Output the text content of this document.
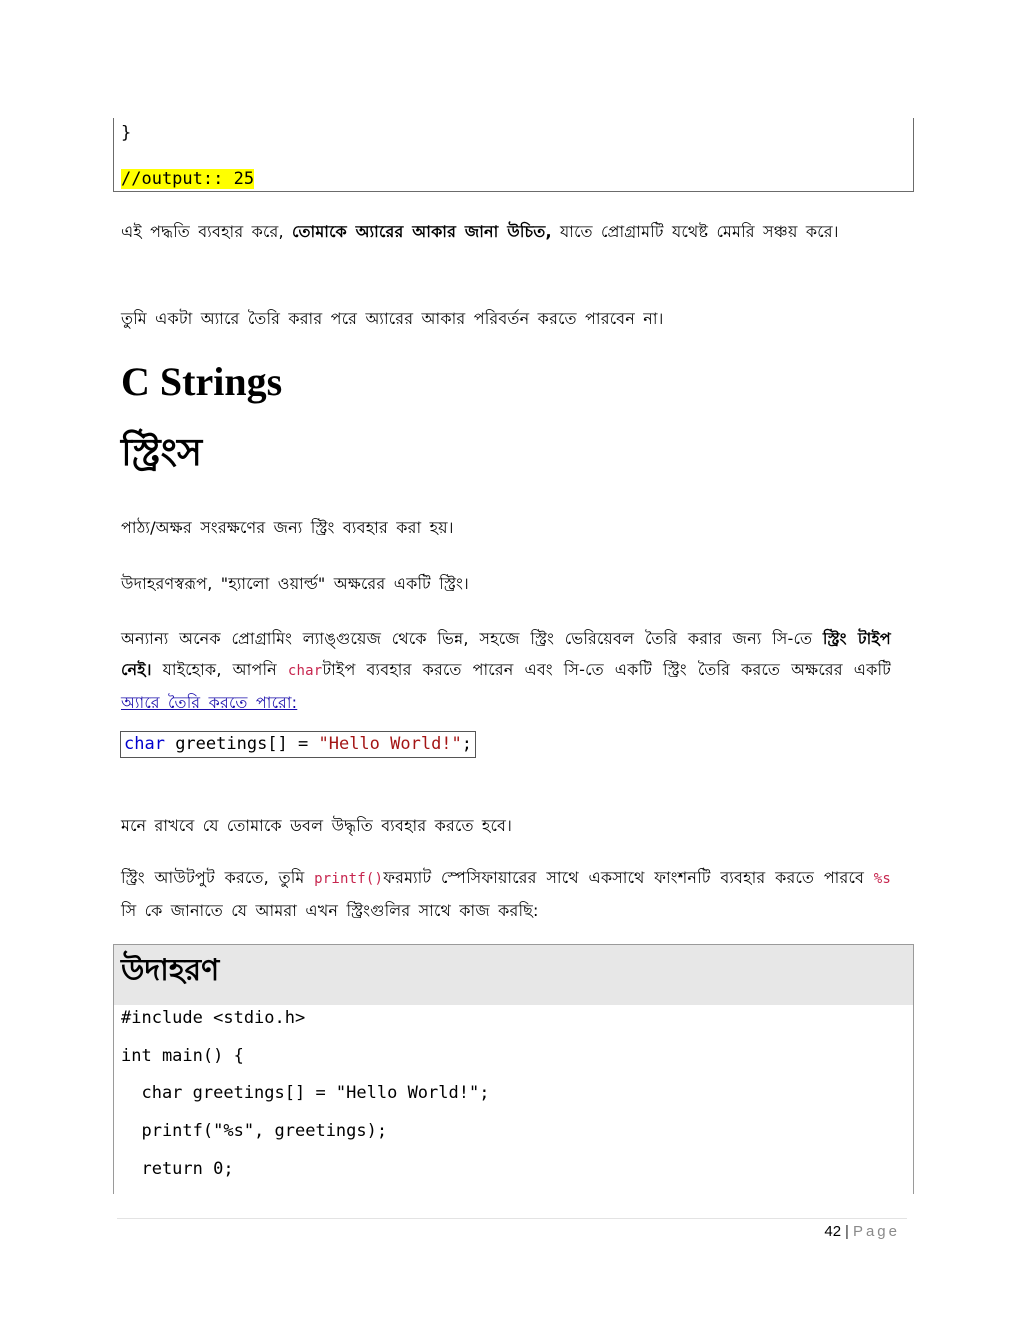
}
//output:: 25
এই পদ্ধতি ব্যবহার করে, তোমাকে অ্যারের আকার জানা উচিত, যাতে প্রোগ্রামটি যথেষ্ট মেমরি সঞ্চয় করে।
তুমি একটা অ্যারে তৈরি করার পরে অ্যারের আকার পরিবর্তন করতে পারবেন না।
C Strings
স্ট্রিংস
পাঠ্য/অক্ষর সংরক্ষণের জন্য স্ট্রিং ব্যবহার করা হয়।
উদাহরণস্বরূপ, "হ্যালো ওয়ার্ল্ড" অক্ষরের একটি স্ট্রিং।
অন্যান্য অনেক প্রোগ্রামিং ল্যাঙ্গুয়েজ থেকে ভিন্ন, সহজে স্ট্রিং ভেরিয়েবল তৈরি করার জন্য সি-তে স্ট্রিং টাইপ নেই। যাইহোক, আপনি charটাইপ ব্যবহার করতে পারেন এবং সি-তে একটি স্ট্রিং তৈরি করতে অক্ষরের একটি অ্যারে তৈরি করতে পারো:
char greetings[] = "Hello World!";
মনে রাখবে যে তোমাকে ডবল উদ্ধৃতি ব্যবহার করতে হবে।
স্ট্রিং আউটপুট করতে, তুমি printf()ফরম্যাট স্পেসিফায়ারের সাথে একসাথে ফাংশনটি ব্যবহার করতে পারবে %s সি কে জানাতে যে আমরা এখন স্ট্রিংগুলির সাথে কাজ করছি:
উদাহরণ
#include <stdio.h>
int main() {
char greetings[] = "Hello World!";
printf("%s", greetings);
return 0;
42 | Page
